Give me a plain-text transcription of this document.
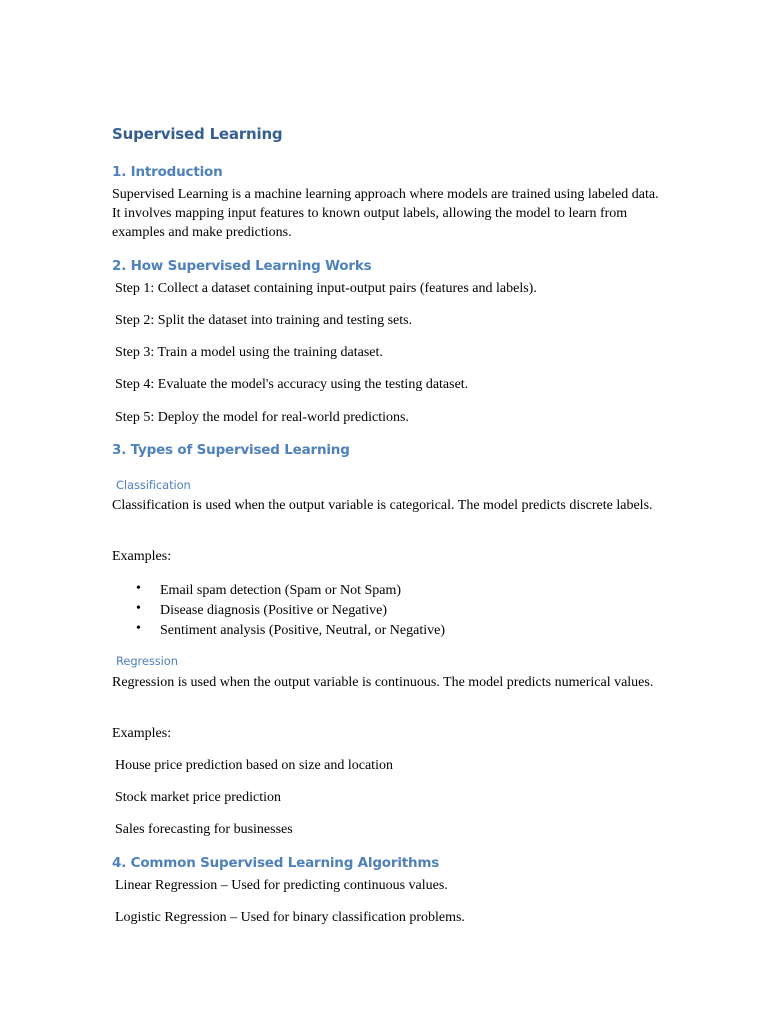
Supervised Learning
1. Introduction

Supervised Learning is a machine learning approach where models are trained using labeled data. It involves mapping input features to known output labels, allowing the model to learn from examples and make predictions.

2. How Supervised Learning Works
Step 1: Collect a dataset containing input-output pairs (features and labels).
Step 2: Split the dataset into training and testing sets.
Step 3: Train a model using the training dataset.
Step 4: Evaluate the model's accuracy using the testing dataset.
Step 5: Deploy the model for real-world predictions.
3. Types of Supervised Learning
Classification

Classification is used when the output variable is categorical. The model predicts discrete labels.

Examples:
• Email spam detection (Spam or Not Spam)
• Disease diagnosis (Positive or Negative)
• Sentiment analysis (Positive, Neutral, or Negative)
Regression

Regression is used when the output variable is continuous. The model predicts numerical values.

Examples:
House price prediction based on size and location
Stock market price prediction
Sales forecasting for businesses
4. Common Supervised Learning Algorithms
Linear Regression – Used for predicting continuous values.
Logistic Regression – Used for binary classification problems.
